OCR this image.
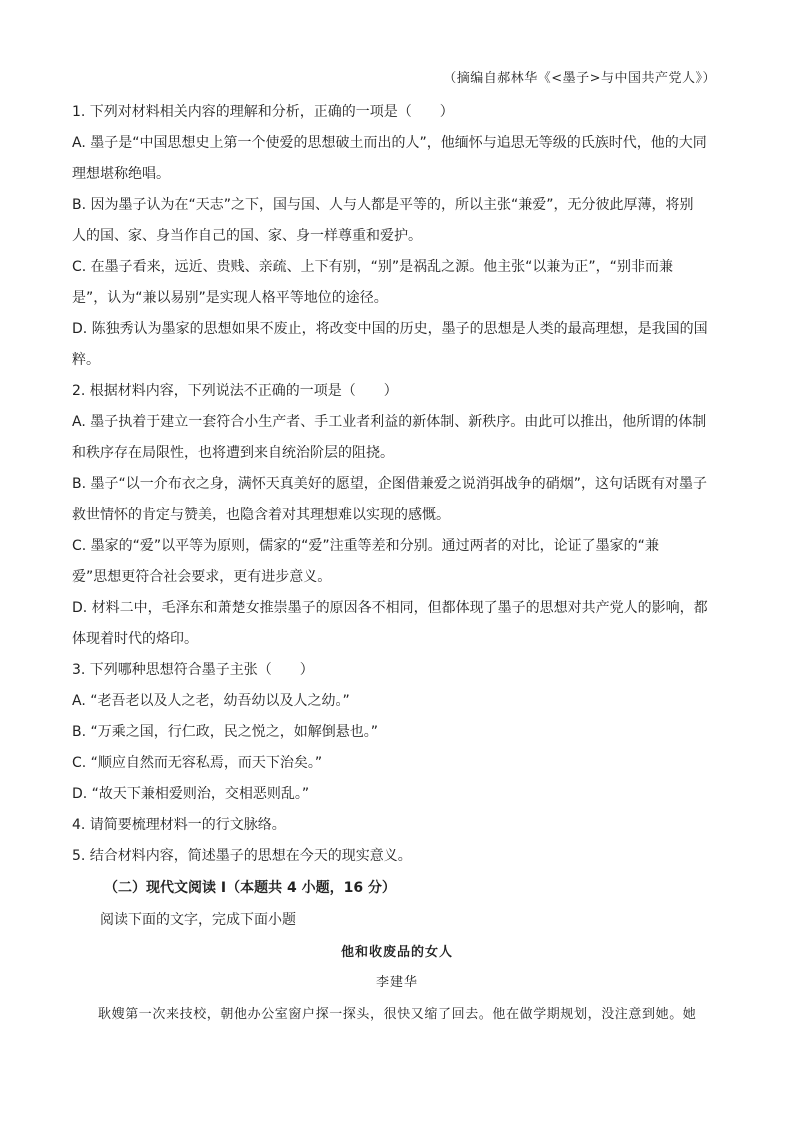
（摘编自郝林华《<墨子>与中国共产党人》）
1. 下列对材料相关内容的理解和分析，正确的一项是（　　）
A. 墨子是“中国思想史上第一个使爱的思想破土而出的人”，他缅怀与追思无等级的氏族时代，他的大同
理想堪称绝唱。
B. 因为墨子认为在“天志”之下，国与国、人与人都是平等的，所以主张“兼爱”，无分彼此厚薄，将别
人的国、家、身当作自己的国、家、身一样尊重和爱护。
C. 在墨子看来，远近、贵贱、亲疏、上下有别，“别”是祸乱之源。他主张“以兼为正”，“别非而兼
是”，认为“兼以易别”是实现人格平等地位的途径。
D. 陈独秀认为墨家的思想如果不废止，将改变中国的历史，墨子的思想是人类的最高理想，是我国的国
粹。
2. 根据材料内容，下列说法不正确的一项是（　　）
A. 墨子执着于建立一套符合小生产者、手工业者利益的新体制、新秩序。由此可以推出，他所谓的体制
和秩序存在局限性，也将遭到来自统治阶层的阻挠。
B. 墨子“以一介布衣之身，满怀天真美好的愿望，企图借兼爱之说消弭战争的硝烟”，这句话既有对墨子
救世情怀的肯定与赞美，也隐含着对其理想难以实现的感慨。
C. 墨家的“爱”以平等为原则，儒家的“爱”注重等差和分别。通过两者的对比，论证了墨家的“兼
爱”思想更符合社会要求，更有进步意义。
D. 材料二中，毛泽东和萧楚女推崇墨子的原因各不相同，但都体现了墨子的思想对共产党人的影响，都
体现着时代的烙印。
3. 下列哪种思想符合墨子主张（　　）
A. “老吾老以及人之老，幼吾幼以及人之幼。”
B. “万乘之国，行仁政，民之悦之，如解倒悬也。”
C. “顺应自然而无容私焉，而天下治矣。”
D. “故天下兼相爱则治，交相恶则乱。”
4. 请简要梳理材料一的行文脉络。
5. 结合材料内容，简述墨子的思想在今天的现实意义。
（二）现代文阅读 I（本题共 4 小题，16 分）
阅读下面的文字，完成下面小题
他和收废品的女人
李建华
耿嫂第一次来技校，朝他办公室窗户探一探头，很快又缩了回去。他在做学期规划，没注意到她。她
